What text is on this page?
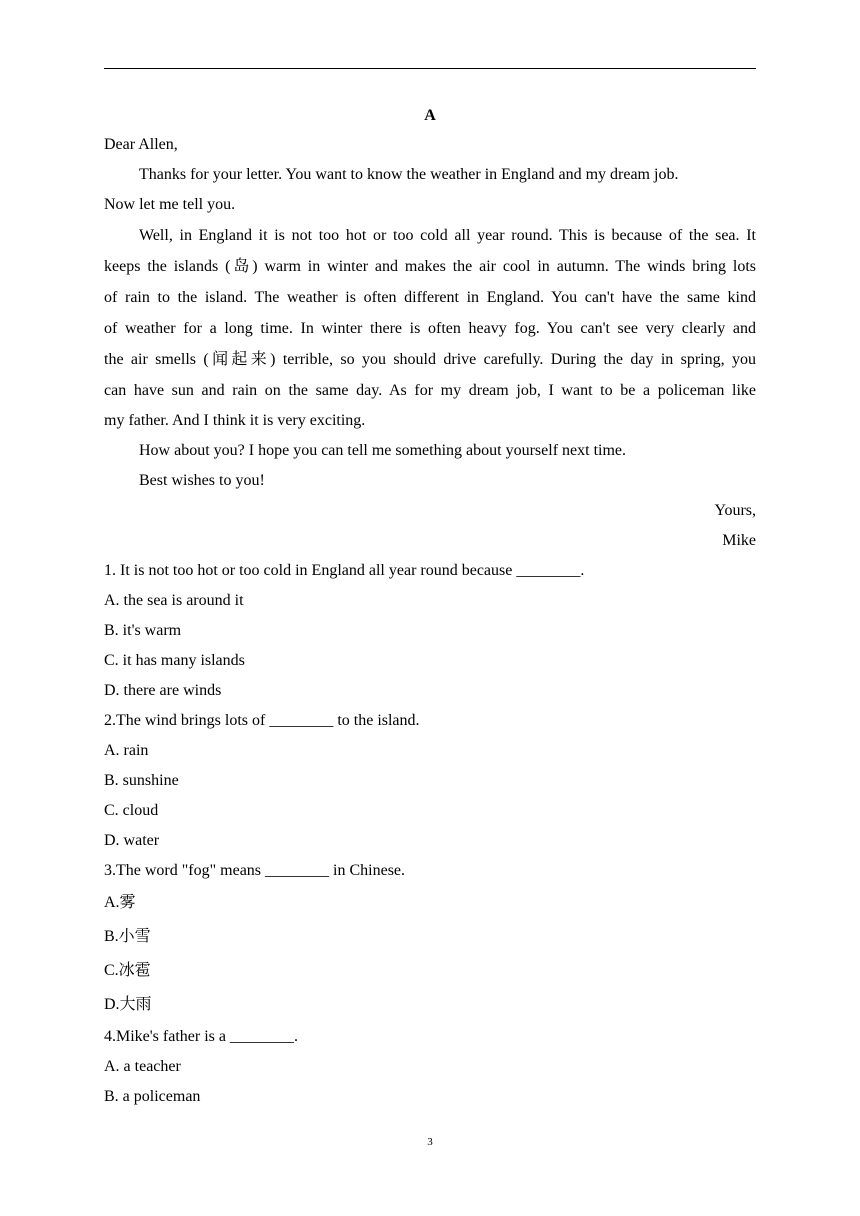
A
Dear Allen,
Thanks for your letter. You want to know the weather in England and my dream job.
Now let me tell you.
Well, in England it is not too hot or too cold all year round. This is because of the sea. It
keeps the islands (岛) warm in winter and makes the air cool in autumn. The winds bring lots
of rain to the island. The weather is often different in England. You can't have the same kind
of weather for a long time. In winter there is often heavy fog. You can't see very clearly and
the air smells (闻起来) terrible, so you should drive carefully. During the day in spring, you
can have sun and rain on the same day. As for my dream job, I want to be a policeman like
my father. And I think it is very exciting.
How about you? I hope you can tell me something about yourself next time.
Best wishes to you!
Yours,
Mike
1. It is not too hot or too cold in England all year round because ________.
A. the sea is around it
B. it's warm
C. it has many islands
D. there are winds
2.The wind brings lots of ________ to the island.
A. rain
B. sunshine
C. cloud
D. water
3.The word "fog" means ________ in Chinese.
A.雾
B.小雪
C.冰雹
D.大雨
4.Mike's father is a ________.
A. a teacher
B. a policeman
3
